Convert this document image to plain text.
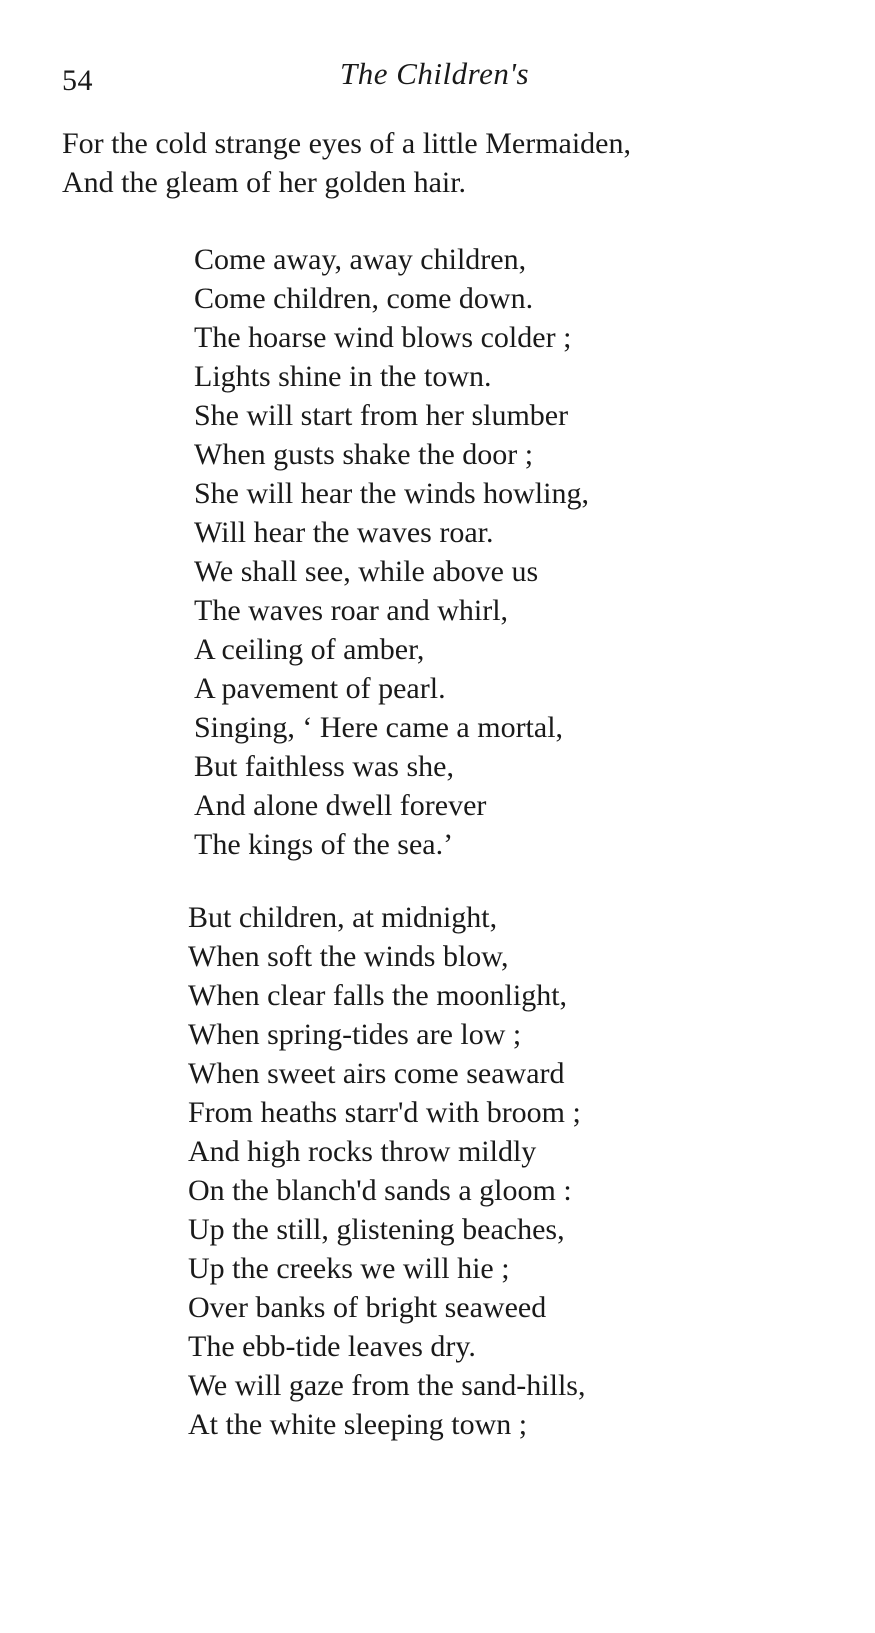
54	The Children's
For the cold strange eyes of a little Mermaiden,
And the gleam of her golden hair.
Come away, away children,
Come children, come down.
The hoarse wind blows colder ;
Lights shine in the town.
She will start from her slumber
When gusts shake the door ;
She will hear the winds howling,
Will hear the waves roar.
We shall see, while above us
The waves roar and whirl,
A ceiling of amber,
A pavement of pearl.
Singing, ‘ Here came a mortal,
But faithless was she,
And alone dwell forever
The kings of the sea.’
But children, at midnight,
When soft the winds blow,
When clear falls the moonlight,
When spring-tides are low ;
When sweet airs come seaward
From heaths starr'd with broom ;
And high rocks throw mildly
On the blanch'd sands a gloom :
Up the still, glistening beaches,
Up the creeks we will hie ;
Over banks of bright seaweed
The ebb-tide leaves dry.
We will gaze from the sand-hills,
At the white sleeping town ;
